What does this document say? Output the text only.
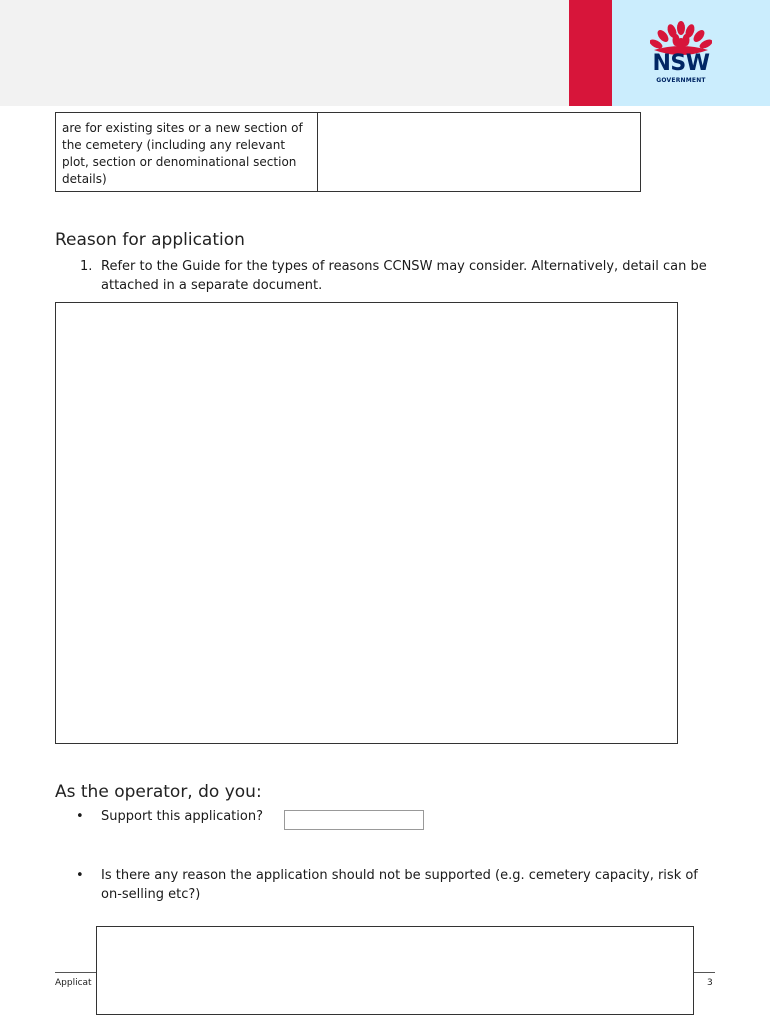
NSW
GOVERNMENT
are for existing sites or a new section of the cemetery (including any relevant plot, section or denominational section details)
Reason for application
1. Refer to the Guide for the types of reasons CCNSW may consider. Alternatively, detail can be attached in a separate document.
As the operator, do you:
• Support this application?
• Is there any reason the application should not be supported (e.g. cemetery capacity, risk of on-selling etc?)
Applicat	3
